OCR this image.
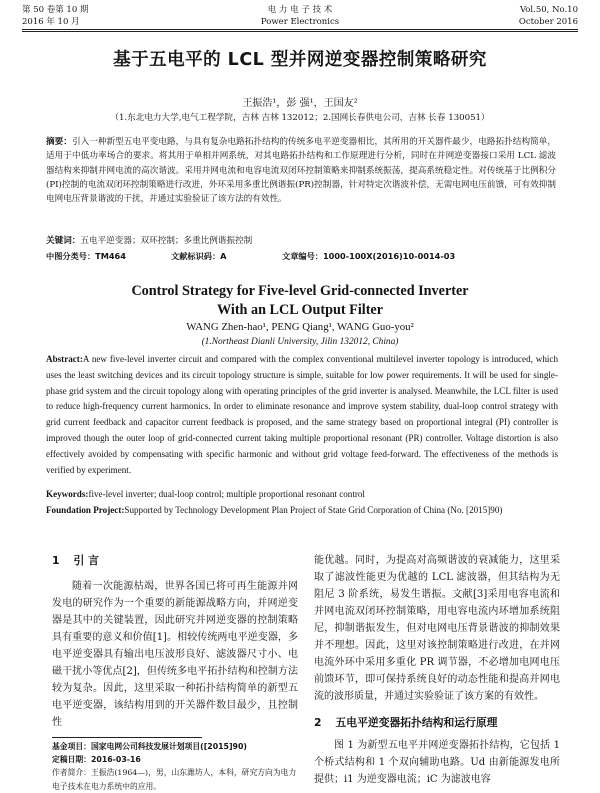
第 50 卷第 10 期
2016 年 10 月
电 力 电 子 技 术
Power Electronics
Vol.50, No.10
October 2016
基于五电平的 LCL 型并网逆变器控制策略研究
王振浩¹，彭 强¹，王国友²
（1.东北电力大学,电气工程学院，吉林 吉林 132012；2.国网长春供电公司，吉林 长春 130051）
摘要：引入一种新型五电平变电路，与具有复杂电路拓扑结构的传统多电平逆变器相比，其所用的开关器件最少，电路拓扑结构简单，适用于中低功率场合的要求。将其用于单相并网系统，对其电路拓扑结构和工作原理进行分析，同时在并网逆变器接口采用 LCL 滤波器结构来抑制并网电流的高次谐波。采用并网电流和电容电流双闭环控制策略来抑制系统振荡，提高系统稳定性。对传统基于比例积分(PI)控制的电流双闭环控制策略进行改进，外环采用多重比例谐振(PR)控制器，针对特定次谐波补偿，无需电网电压前馈，可有效抑制电网电压背景谐波的干扰，并通过实验验证了该方法的有效性。
关键词：五电平逆变器；双环控制；多重比例谐振控制
中图分类号：TM464	文献标识码：A	文章编号：1000-100X(2016)10-0014-03
Control Strategy for Five-level Grid-connected Inverter
With an LCL Output Filter
WANG Zhen-hao¹, PENG Qiang¹, WANG Guo-you²
(1.Northeast Dianli University, Jilin 132012, China)
Abstract:A new five-level inverter circuit and compared with the complex conventional multilevel inverter topology is introduced, which uses the least switching devices and its circuit topology structure is simple, suitable for low power requirements. It will be used for single-phase grid system and the circuit topology along with operating principles of the grid inverter is analysed. Meanwhile, the LCL filter is used to reduce high-frequency current harmonics. In order to eliminate resonance and improve system stability, dual-loop control strategy with grid current feedback and capacitor current feedback is proposed, and the same strategy based on proportional integral (PI) controller is improved though the outer loop of grid-connected current taking multiple proportional resonant (PR) controller. Voltage distortion is also effectively avoided by compensating with specific harmonic and without grid voltage feed-forward. The effectiveness of the methods is verified by experiment.
Keywords:five-level inverter; dual-loop control; multiple proportional resonant control
Foundation Project:Supported by Technology Development Plan Project of State Grid Corporation of China (No. [2015]90)
1 引 言
随着一次能源枯竭，世界各国已将可再生能源并网发电的研究作为一个重要的新能源战略方向，并网逆变器是其中的关键装置，因此研究并网逆变器的控制策略具有重要的意义和价值[1]。相较传统两电平逆变器，多电平逆变器具有输出电压波形良好、滤波器尺寸小、电磁干扰小等优点[2]，但传统多电平拓扑结构和控制方法较为复杂。因此，这里采取一种拓扑结构简单的新型五电平逆变器，该结构用到的开关器件数目最少，且控制性
能优越。同时，为提高对高频谐波的衰减能力，这里采取了滤波性能更为优越的 LCL 滤波器，但其结构为无阻尼 3 阶系统，易发生谐振。文献[3]采用电容电流和并网电流双闭环控制策略，用电容电流内环增加系统阻尼，抑制谐振发生，但对电网电压背景谐波的抑制效果并不理想。因此，这里对该控制策略进行改进，在并网电流外环中采用多重化 PR 调节器，不必增加电网电压前馈环节，即可保持系统良好的动态性能和提高并网电流的波形质量，并通过实验验证了该方案的有效性。
2 五电平逆变器拓扑结构和运行原理
图 1 为新型五电平并网逆变器拓扑结构，它包括 1 个桥式结构和 1 个双向辅助电路。Ud 由新能源发电所提供；i1 为逆变器电流；iC 为滤波电容
基金项目：国家电网公司科技发展计划项目([2015]90)
定稿日期：2016-03-16
作者简介：王振浩(1964—)，男，山东潍坊人，本科，研究方向为电力电子技术在电力系统中的应用。
